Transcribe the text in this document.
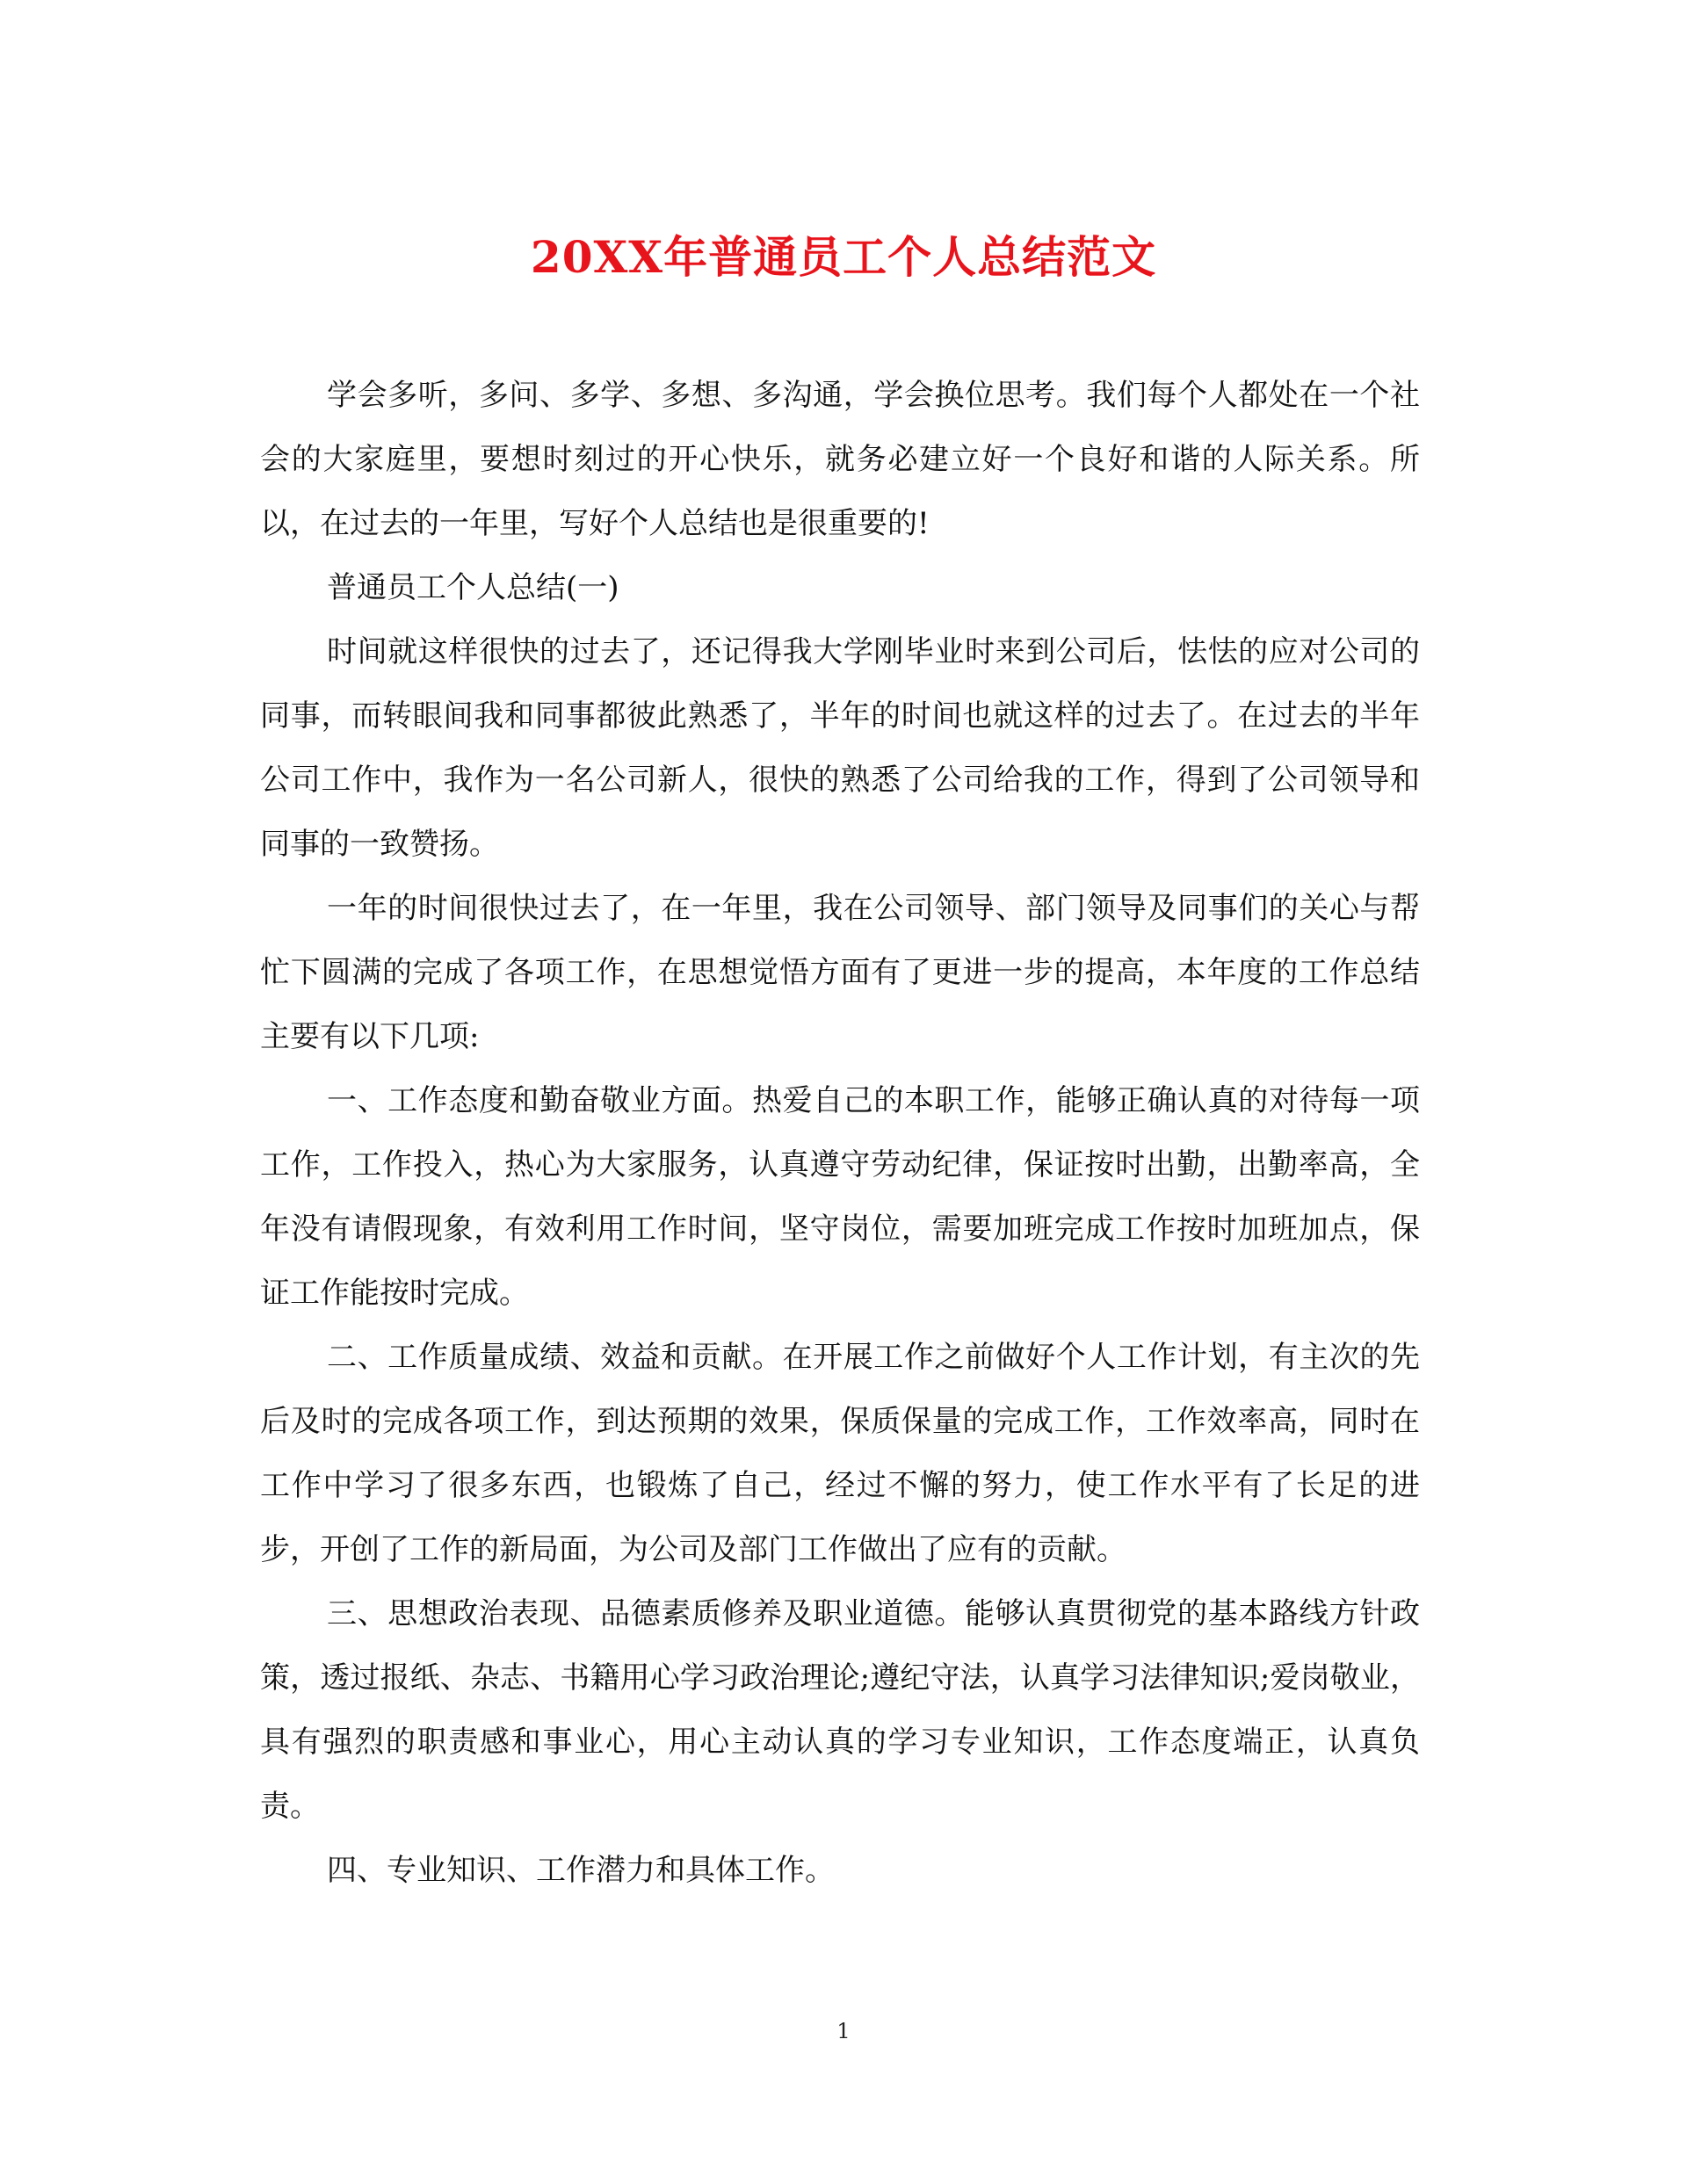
20XX年普通员工个人总结范文

学会多听，多问、多学、多想、多沟通，学会换位思考。我们每个人都处在一个社会的大家庭里，要想时刻过的开心快乐，就务必建立好一个良好和谐的人际关系。所以，在过去的一年里，写好个人总结也是很重要的!

普通员工个人总结(一)

时间就这样很快的过去了，还记得我大学刚毕业时来到公司后，怯怯的应对公司的同事，而转眼间我和同事都彼此熟悉了，半年的时间也就这样的过去了。在过去的半年公司工作中，我作为一名公司新人，很快的熟悉了公司给我的工作，得到了公司领导和同事的一致赞扬。

一年的时间很快过去了，在一年里，我在公司领导、部门领导及同事们的关心与帮忙下圆满的完成了各项工作，在思想觉悟方面有了更进一步的提高，本年度的工作总结主要有以下几项:

一、工作态度和勤奋敬业方面。热爱自己的本职工作，能够正确认真的对待每一项工作，工作投入，热心为大家服务，认真遵守劳动纪律，保证按时出勤，出勤率高，全年没有请假现象，有效利用工作时间，坚守岗位，需要加班完成工作按时加班加点，保证工作能按时完成。

二、工作质量成绩、效益和贡献。在开展工作之前做好个人工作计划，有主次的先后及时的完成各项工作，到达预期的效果，保质保量的完成工作，工作效率高，同时在工作中学习了很多东西，也锻炼了自己，经过不懈的努力，使工作水平有了长足的进步，开创了工作的新局面，为公司及部门工作做出了应有的贡献。

三、思想政治表现、品德素质修养及职业道德。能够认真贯彻党的基本路线方针政策，透过报纸、杂志、书籍用心学习政治理论;遵纪守法，认真学习法律知识;爱岗敬业，具有强烈的职责感和事业心，用心主动认真的学习专业知识，工作态度端正，认真负责。

四、专业知识、工作潜力和具体工作。

1
